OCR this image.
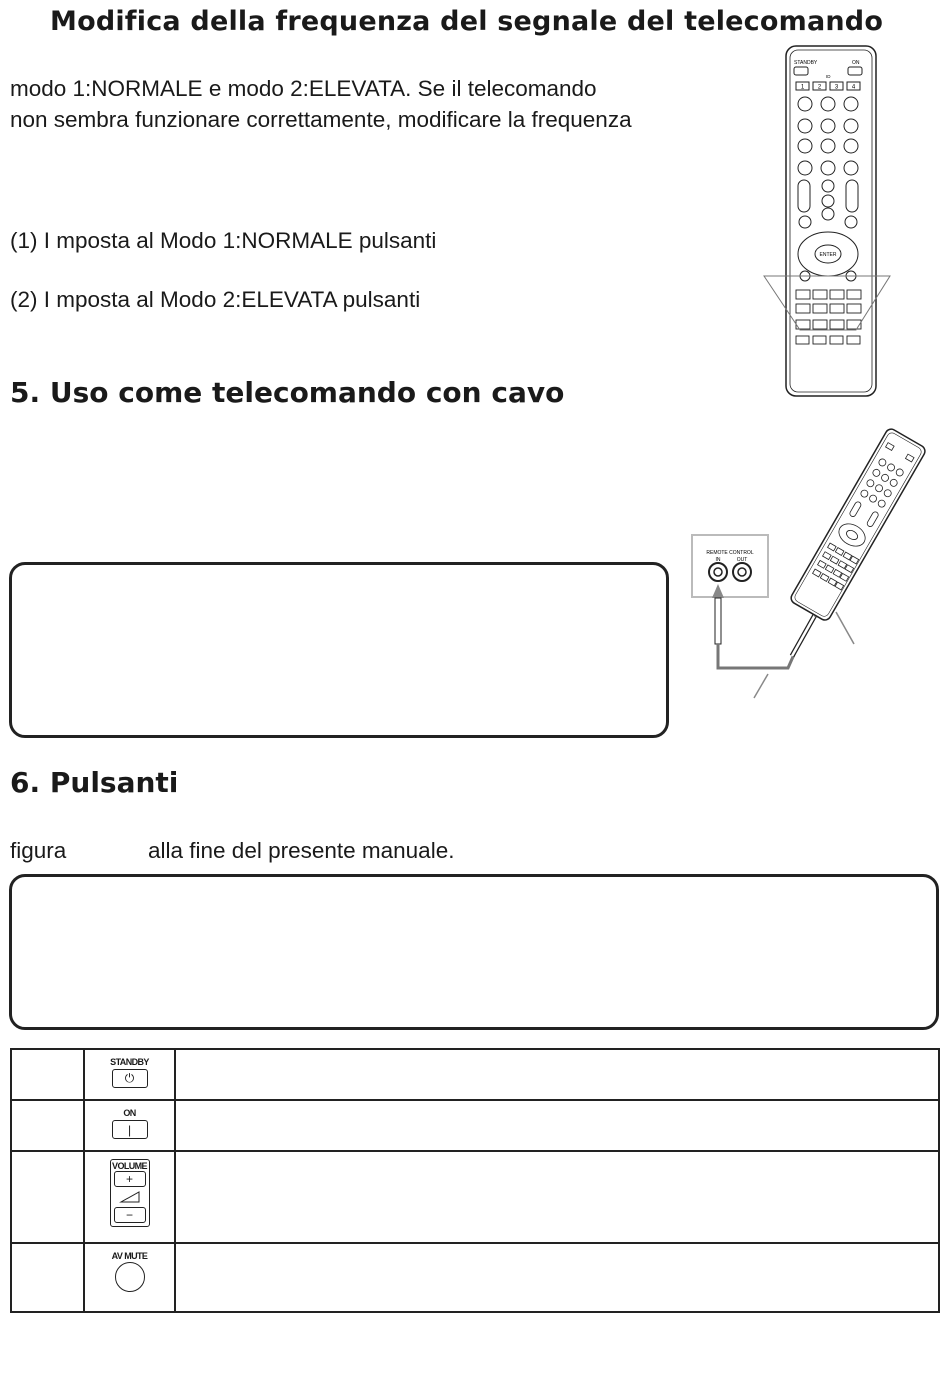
Modifica della frequenza del segnale del telecomando

modo 1:NORMALE e modo 2:ELEVATA. Se il telecomando

non sembra funzionare correttamente, modificare la frequenza

(1) I mposta al Modo 1:NORMALE pulsanti

(2) I mposta al Modo 2:ELEVATA pulsanti

STANDBY	ON
ID
1 2 3 4
ENTER
5. Uso come telecomando con cavo
REMOTE CONTROL
IN	OUT
6. Pulsanti

figura	alla fine del presente manuale.

	STANDBY
⏻	

	ON
|	

	VOLUME
+
−	

	AV MUTE	
